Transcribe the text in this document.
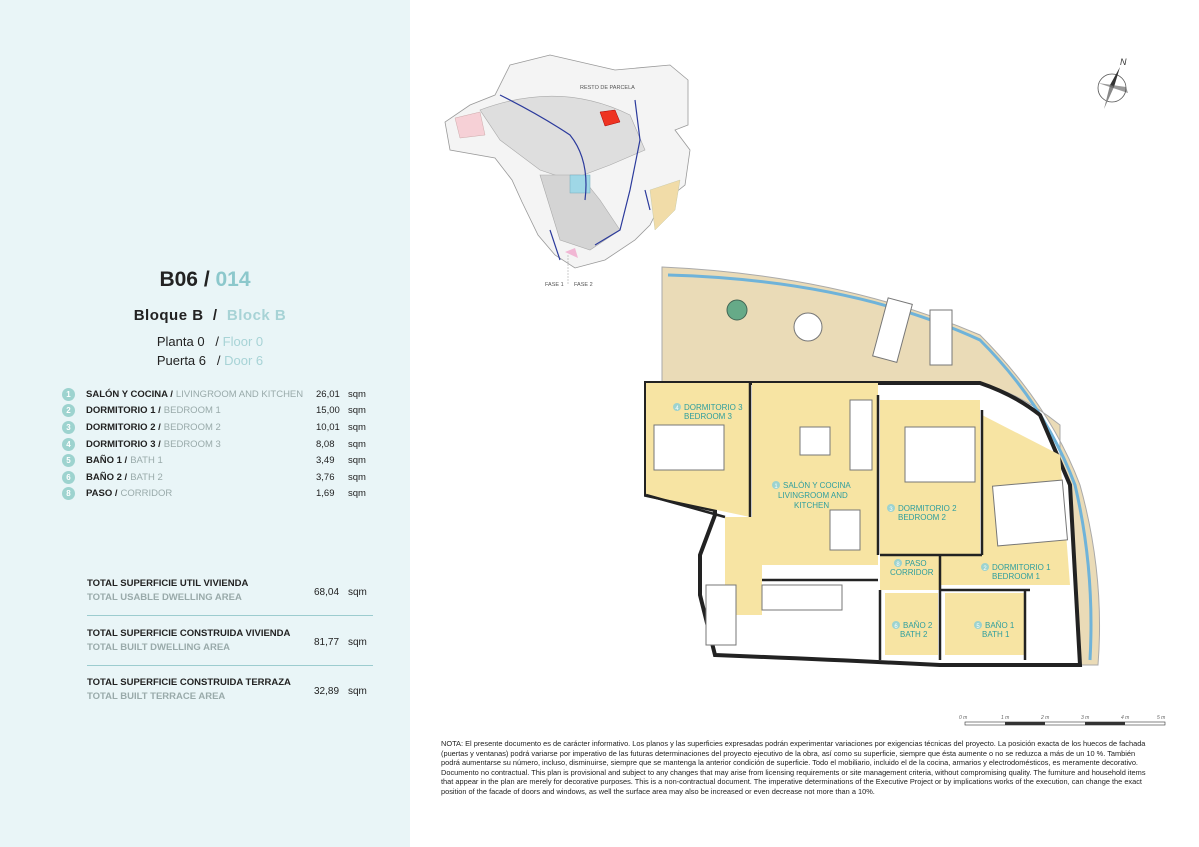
B06 / 014
Bloque B / Block B
Planta 0 / Floor 0
Puerta 6 / Door 6
1	SALÓN Y COCINA / LIVINGROOM AND KITCHEN 26,01 sqm
2	DORMITORIO 1 / BEDROOM 1	15,00 sqm
3	DORMITORIO 2 / BEDROOM 2	10,01 sqm
4	DORMITORIO 3 / BEDROOM 3	8,08 sqm
5	BAÑO 1 / BATH 1	3,49 sqm
6	BAÑO 2 / BATH 2	3,76 sqm
8	PASO / CORRIDOR	1,69 sqm
TOTAL SUPERFICIE UTIL VIVIENDA
TOTAL USABLE DWELLING AREA	68,04 sqm
TOTAL SUPERFICIE CONSTRUIDA VIVIENDA
TOTAL BUILT DWELLING AREA	81,77 sqm
TOTAL SUPERFICIE CONSTRUIDA TERRAZA
TOTAL BUILT TERRACE AREA	32,89 sqm
RESTO DE PARCELA
FASE 1 FASE 2
N
4 DORMITORIO 3
BEDROOM 3
1 SALÓN Y COCINA
LIVINGROOM AND
KITCHEN	3 DORMITORIO 2
BEDROOM 2
8 PASO
CORRIDOR	2 DORMITORIO 1
BEDROOM 1
6 BAÑO 2
BATH 2
5 BAÑO 1
BATH 1
0 m	1 m	2 m	3 m	4 m	5 m
NOTA: El presente documento es de carácter informativo. Los planos y las superficies expresadas podrán experimentar variaciones por exigencias técnicas del proyecto. La posición exacta de los huecos de fachada (puertas y ventanas) podrá variarse por imperativo de las futuras determinaciones del proyecto ejecutivo de la obra, así como su superficie, siempre que ésta aumente o no se reduzca a más de un 10 %. También podrá aumentarse su número, incluso, disminuirse, siempre que se mantenga la anterior condición de superficie. Todo el mobiliario, incluido el de la cocina, armarios y electrodomésticos, es meramente decorativo. Documento no contractual. This plan is provisional and subject to any changes that may arise from licensing requirements or site management criteria, without compromising quality. The furniture and household items that appear in the plan are merely for decorative purposes. This is a non-contractual document. The imperative determinations of the Executive Project or by implications works of the execution, can change the exact position of the facade of doors and windows, as well the surface area may also be increased or even decrease not more than a 10%.
